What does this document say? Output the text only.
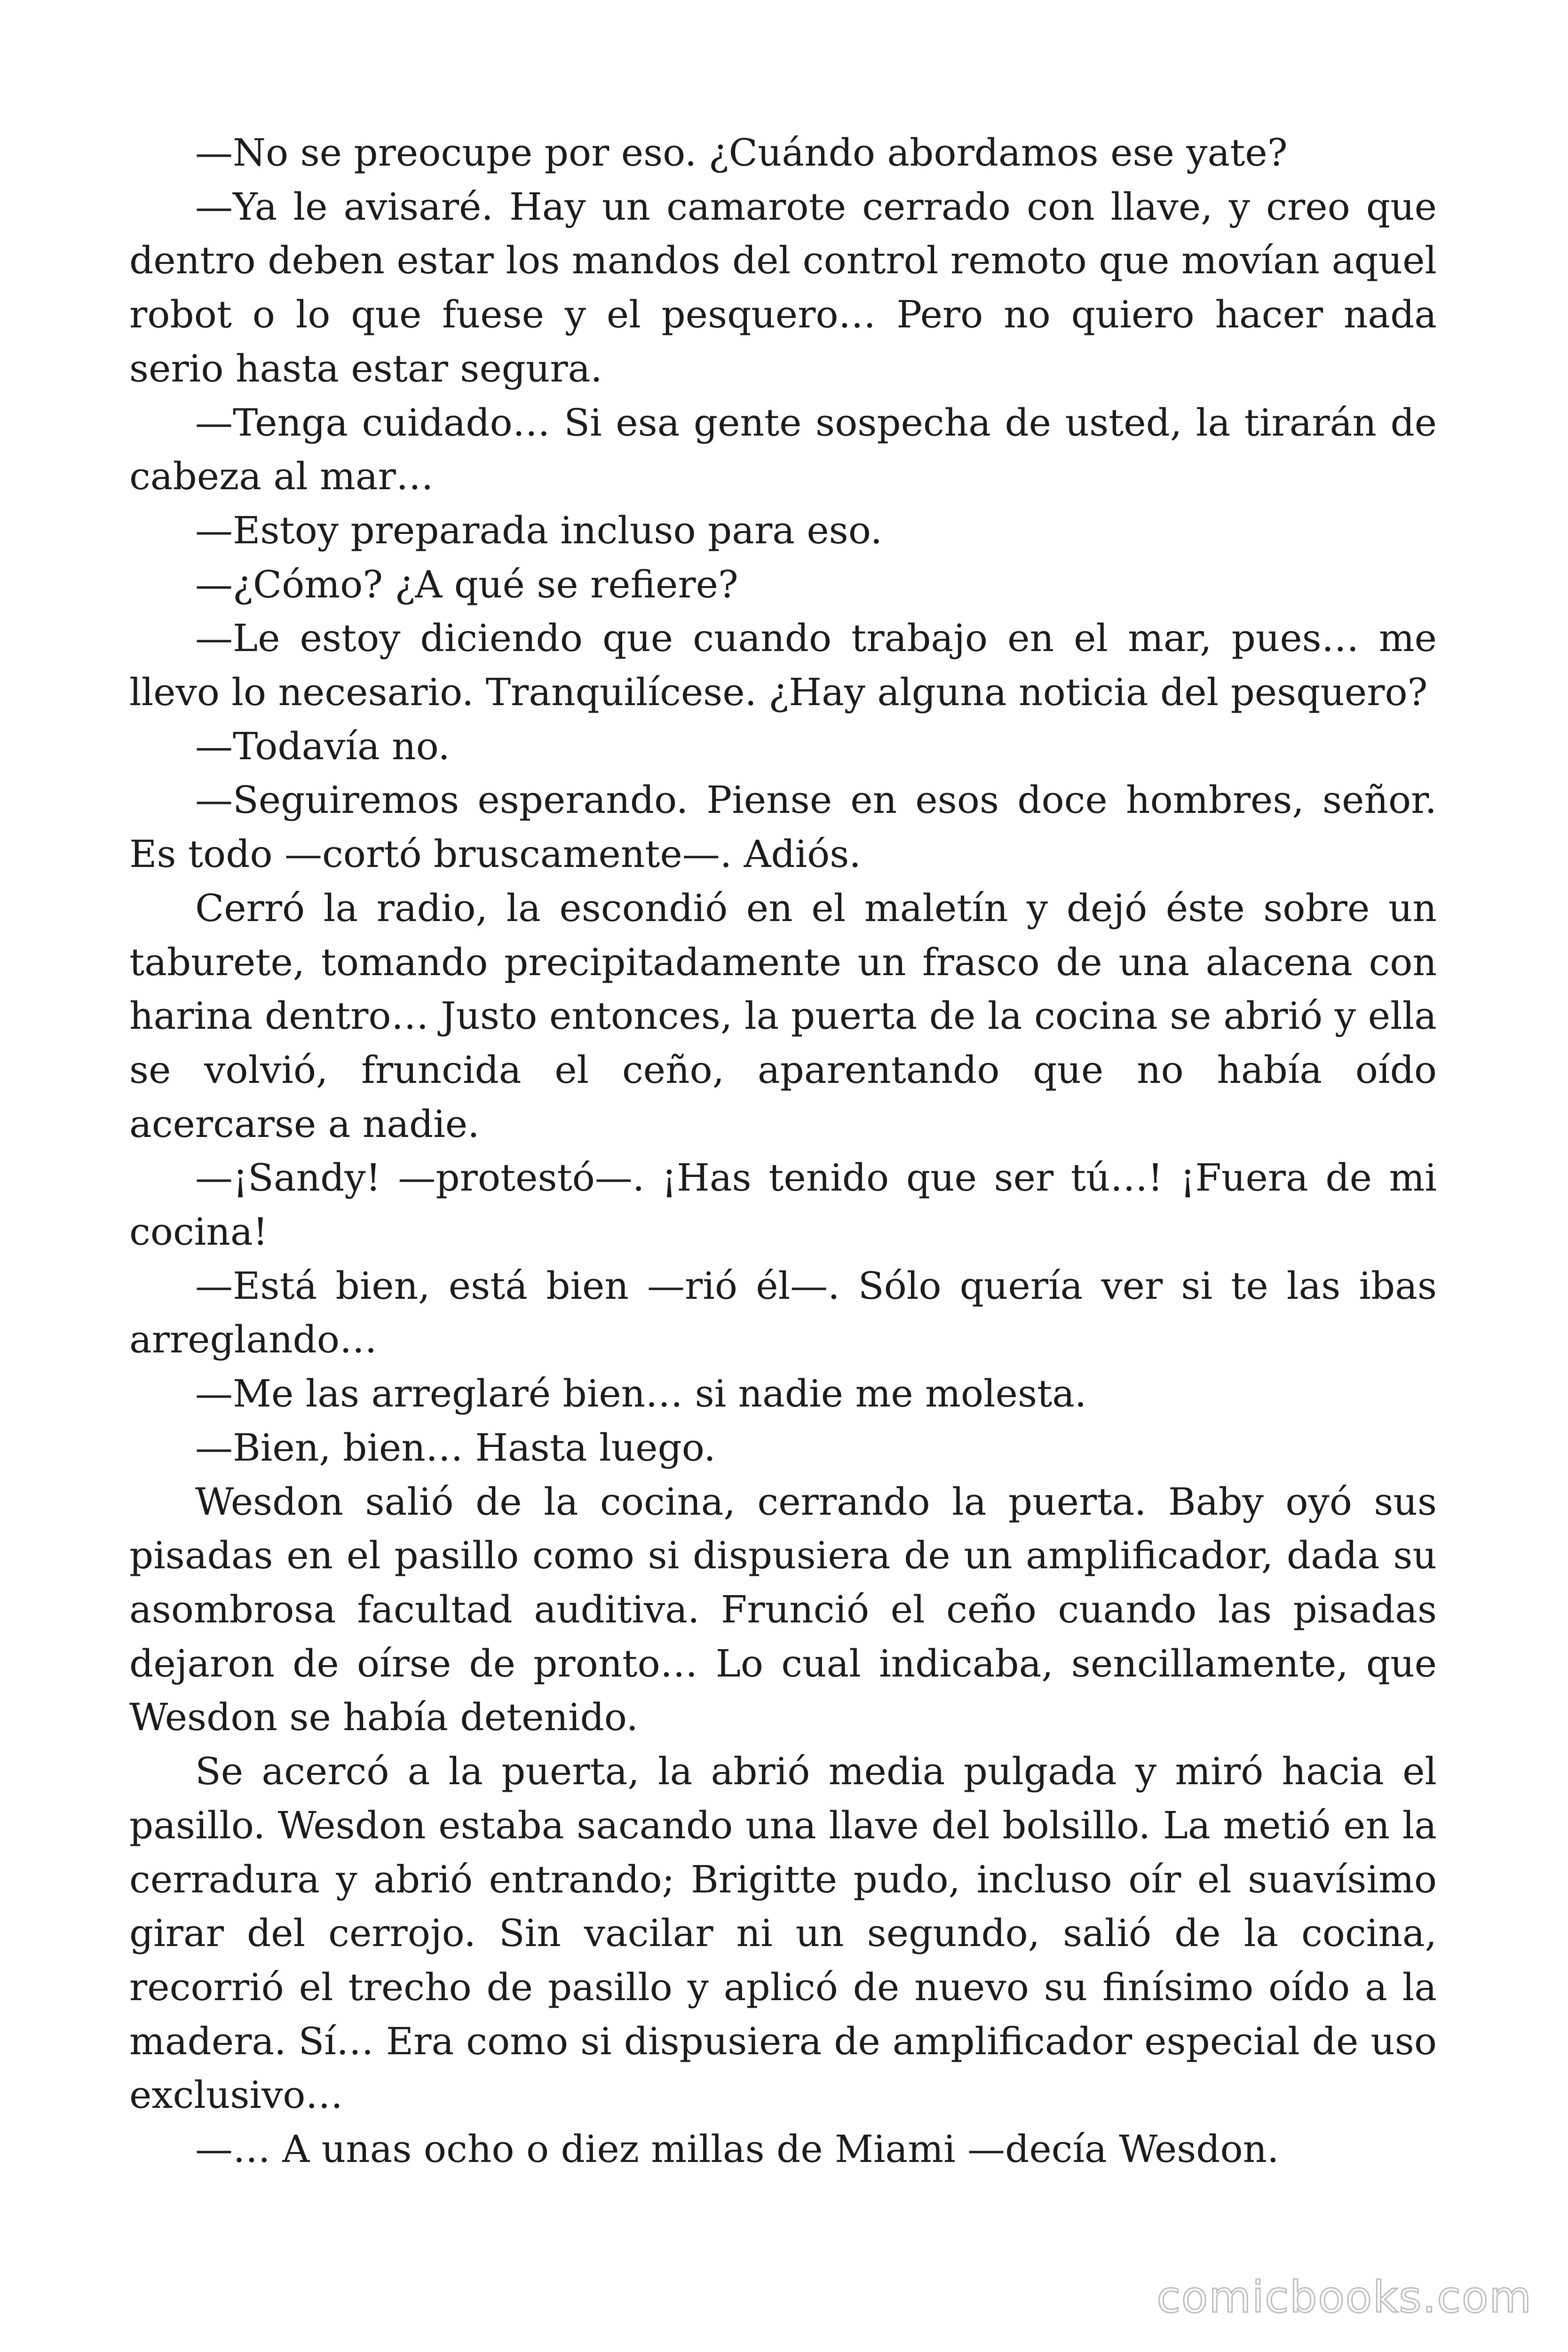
—No se preocupe por eso. ¿Cuándo abordamos ese yate?

—Ya le avisaré. Hay un camarote cerrado con llave, y creo que dentro deben estar los mandos del control remoto que movían aquel robot o lo que fuese y el pesquero… Pero no quiero hacer nada serio hasta estar segura.

—Tenga cuidado… Si esa gente sospecha de usted, la tirarán de cabeza al mar…

—Estoy preparada incluso para eso.

—¿Cómo? ¿A qué se refiere?

—Le estoy diciendo que cuando trabajo en el mar, pues… me llevo lo necesario. Tranquilícese. ¿Hay alguna noticia del pesquero?

—Todavía no.

—Seguiremos esperando. Piense en esos doce hombres, señor. Es todo —cortó bruscamente—. Adiós.

Cerró la radio, la escondió en el maletín y dejó éste sobre un taburete, tomando precipitadamente un frasco de una alacena con harina dentro… Justo entonces, la puerta de la cocina se abrió y ella se volvió, fruncida el ceño, aparentando que no había oído acercarse a nadie.

—¡Sandy! —protestó—. ¡Has tenido que ser tú…! ¡Fuera de mi cocina!

—Está bien, está bien —rió él—. Sólo quería ver si te las ibas arreglando…

—Me las arreglaré bien… si nadie me molesta.

—Bien, bien… Hasta luego.

Wesdon salió de la cocina, cerrando la puerta. Baby oyó sus pisadas en el pasillo como si dispusiera de un amplificador, dada su asombrosa facultad auditiva. Frunció el ceño cuando las pisadas dejaron de oírse de pronto… Lo cual indicaba, sencillamente, que Wesdon se había detenido.

Se acercó a la puerta, la abrió media pulgada y miró hacia el pasillo. Wesdon estaba sacando una llave del bolsillo. La metió en la cerradura y abrió entrando; Brigitte pudo, incluso oír el suavísimo girar del cerrojo. Sin vacilar ni un segundo, salió de la cocina, recorrió el trecho de pasillo y aplicó de nuevo su finísimo oído a la madera. Sí… Era como si dispusiera de amplificador especial de uso exclusivo…

—… A unas ocho o diez millas de Miami —decía Wesdon.

comicbooks.com
